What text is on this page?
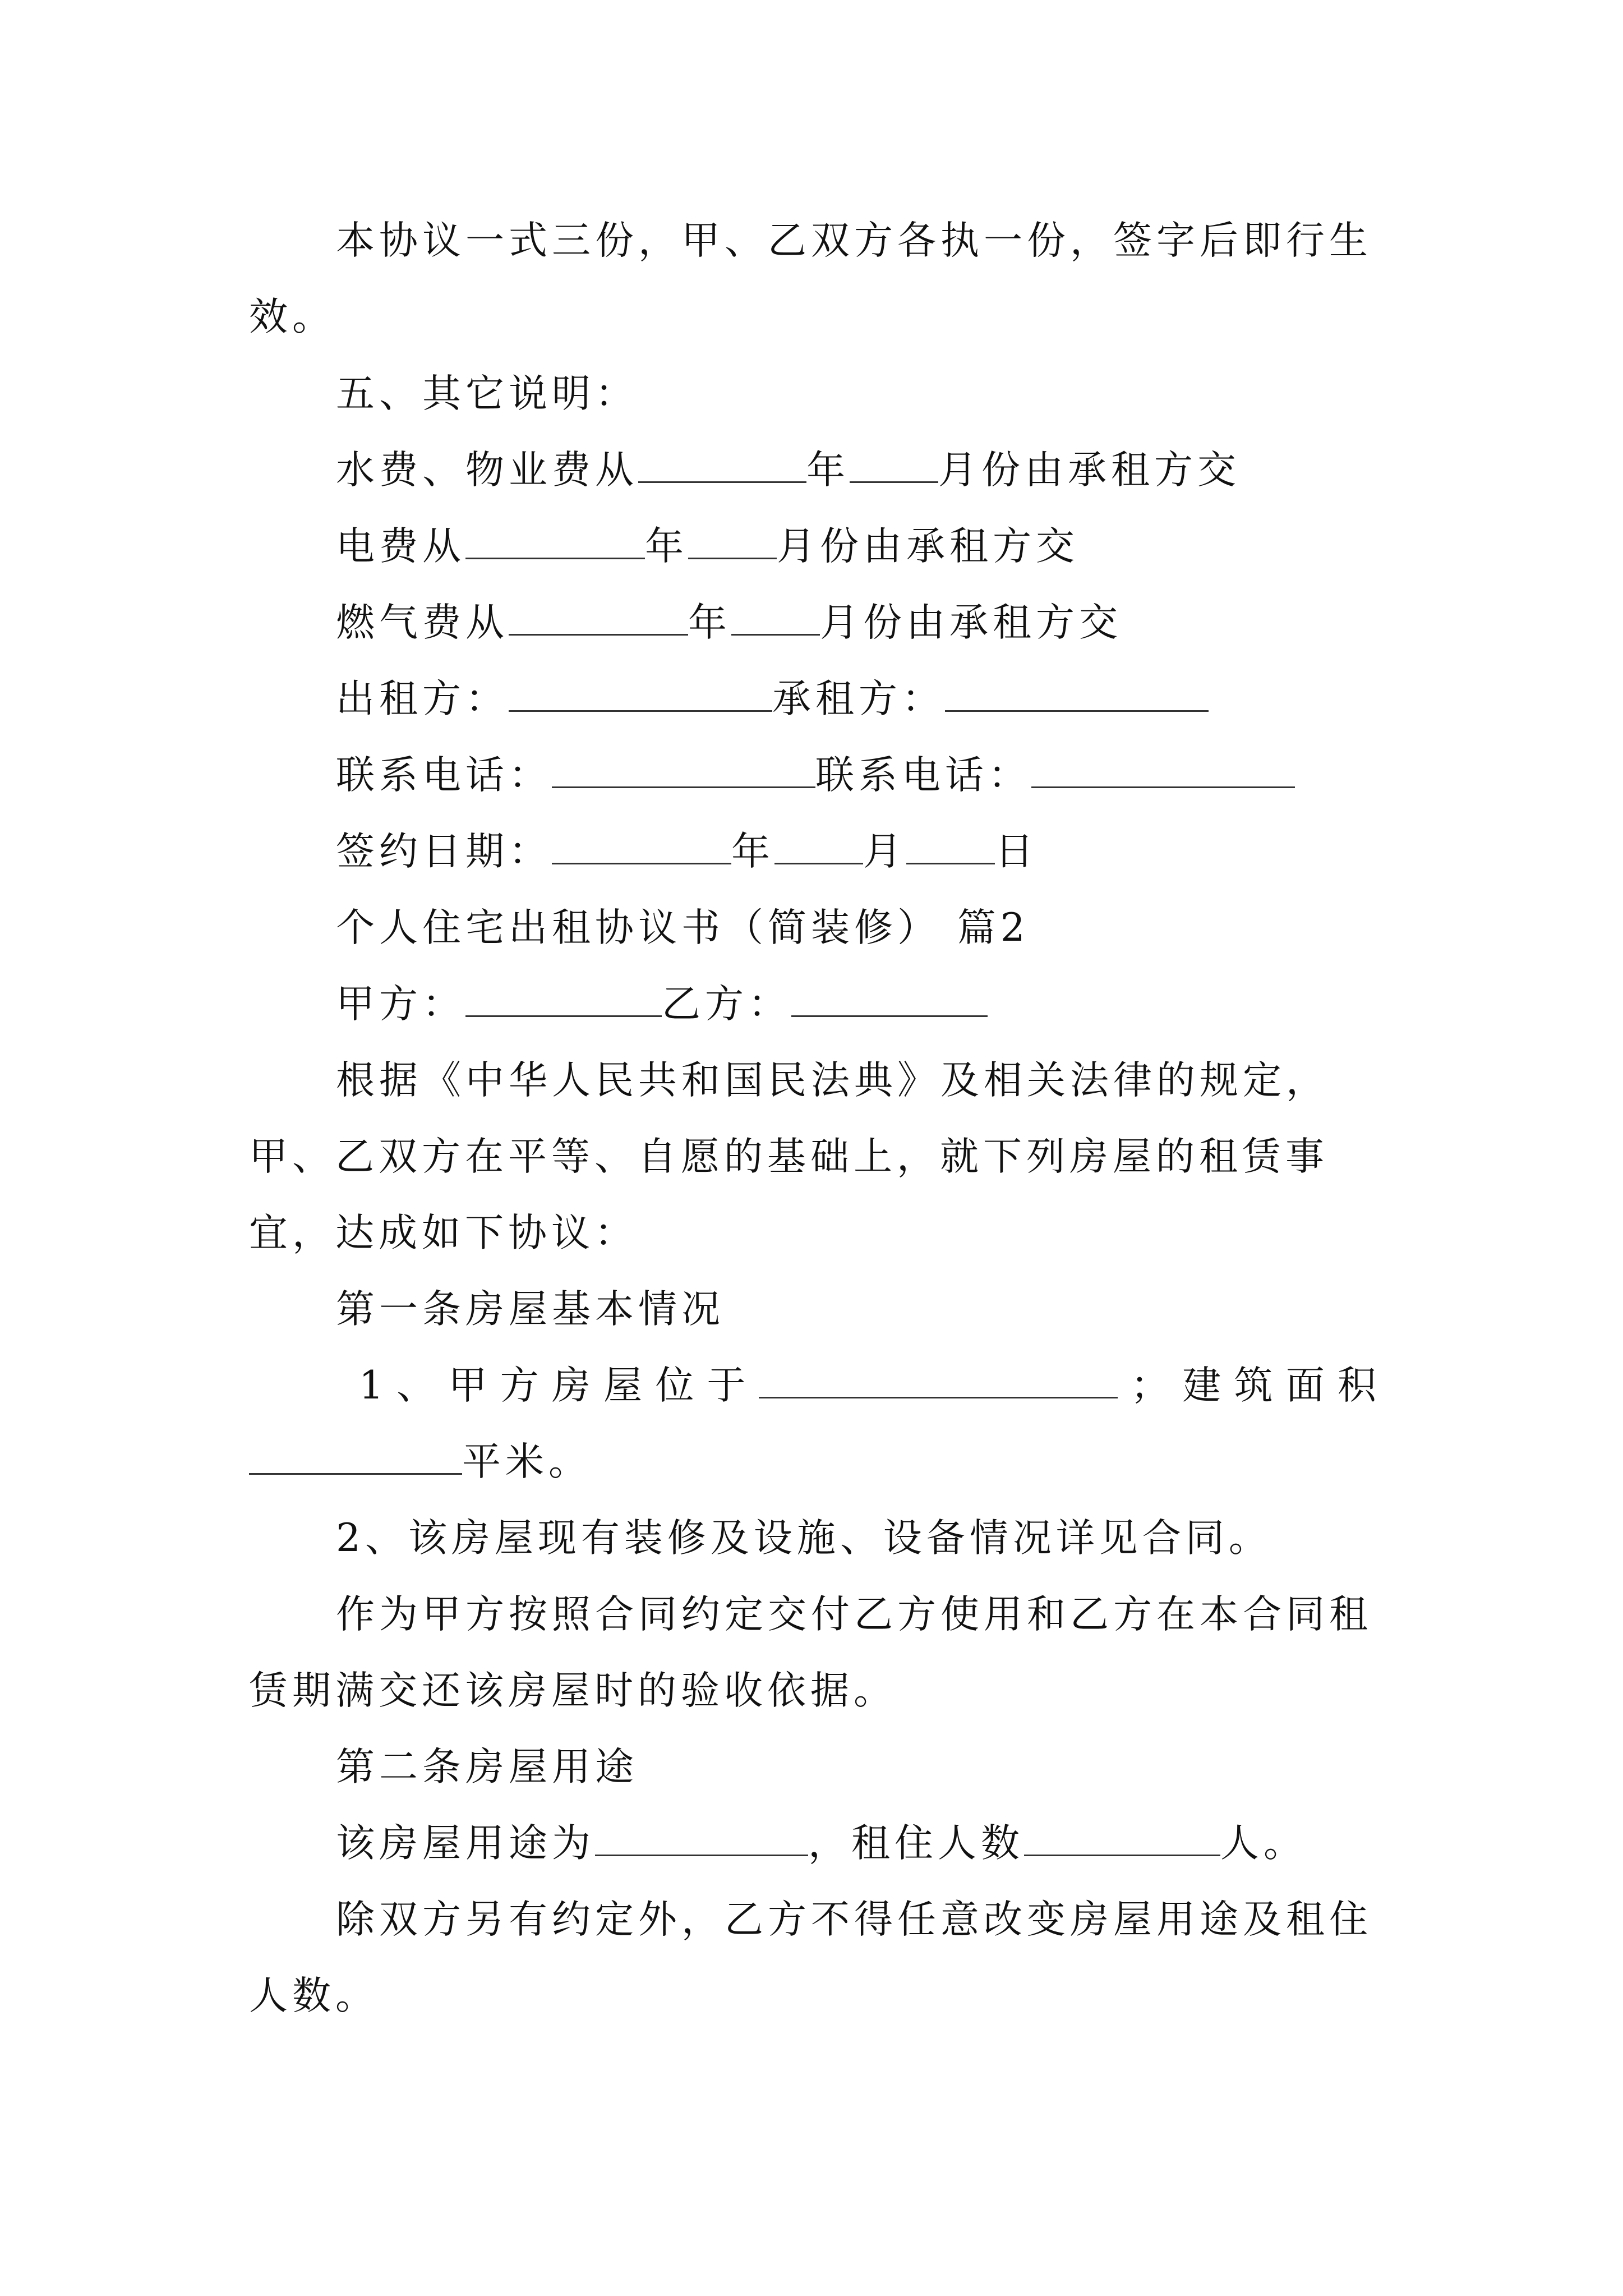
本协议一式三份，甲、乙双方各执一份，签字后即行生效。
五、其它说明：
水费、物业费从	年 月份由承租方交
电费从	年 月份由承租方交
燃气费从	年 月份由承租方交
出租方：	承租方：
联系电话：	联系电话：
签约日期：	年 月 日
个人住宅出租协议书（简装修） 篇2
甲方：	乙方：
根据《中华人民共和国民法典》及相关法律的规定，甲、乙双方在平等、自愿的基础上，就下列房屋的租赁事宜，达成如下协议：
第一条房屋基本情况
1 、 甲 方 房 屋 位 于	； 建 筑 面 积
平米。
2、该房屋现有装修及设施、设备情况详见合同。
作为甲方按照合同约定交付乙方使用和乙方在本合同租赁期满交还该房屋时的验收依据。
第二条房屋用途
该房屋用途为	，租住人数	人。
除双方另有约定外，乙方不得任意改变房屋用途及租住人数。
